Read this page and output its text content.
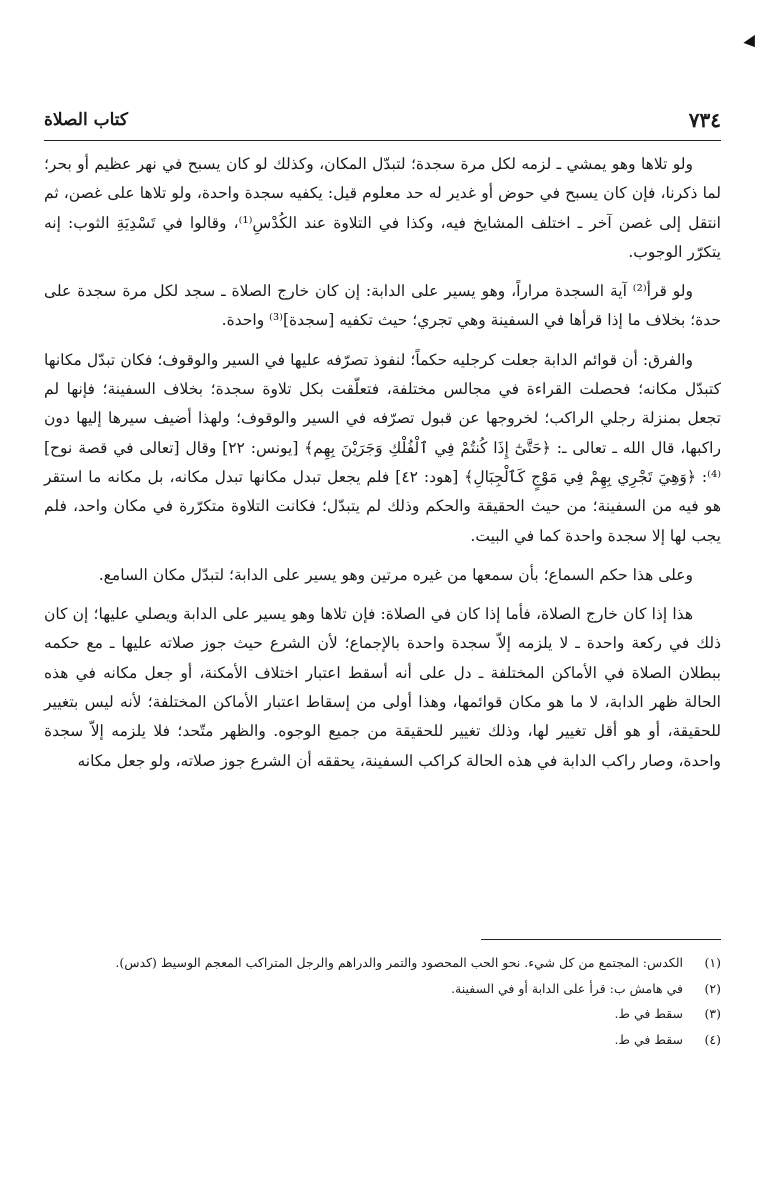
٧٣٤
كتاب الصلاة

ولو تلاها وهو يمشي ـ لزمه لكل مرة سجدة؛ لتبدّل المكان، وكذلك لو كان يسبح في نهر عظيم أو بحر؛ لما ذكرنا، فإن كان يسبح في حوض أو غدير له حد معلوم قيل: يكفيه سجدة واحدة، ولو تلاها على غصن، ثم انتقل إلى غصن آخر ـ اختلف المشايخ فيه، وكذا في التلاوة عند الكُدْسِ⁽¹⁾، وقالوا في تَسْدِيَةِ الثوب: إنه يتكرّر الوجوب.

ولو قرأ⁽²⁾ آية السجدة مراراً، وهو يسير على الدابة: إن كان خارج الصلاة ـ سجد لكل مرة سجدة على حدة؛ بخلاف ما إذا قرأها في السفينة وهي تجري؛ حيث تكفيه [سجدة]⁽³⁾ واحدة.

والفرق: أن قوائم الدابة جعلت كرجليه حكماً؛ لنفوذ تصرّفه عليها في السير والوقوف؛ فكان تبدّل مكانها كتبدّل مكانه؛ فحصلت القراءة في مجالس مختلفة، فتعلّقت بكل تلاوة سجدة؛ بخلاف السفينة؛ فإنها لم تجعل بمنزلة رجلي الراكب؛ لخروجها عن قبول تصرّفه في السير والوقوف؛ ولهذا أضيف سيرها إليها دون راكبها، قال الله ـ تعالى ـ: ﴿حَتَّىٰٓ إِذَا كُنتُمْ فِي ٱلْفُلْكِ وَجَرَيْنَ بِهِم﴾ [يونس: ٢٢] وقال [تعالى في قصة نوح]⁽⁴⁾: ﴿وَهِيَ تَجْرِي بِهِمْ فِي مَوْجٍ كَٱلْجِبَالِ﴾ [هود: ٤٢] فلم يجعل تبدل مكانها تبدل مكانه، بل مكانه ما استقر هو فيه من السفينة؛ من حيث الحقيقة والحكم وذلك لم يتبدّل؛ فكانت التلاوة متكرّرة في مكان واحد، فلم يجب لها إلا سجدة واحدة كما في البيت.

وعلى هذا حكم السماع؛ بأن سمعها من غيره مرتين وهو يسير على الدابة؛ لتبدّل مكان السامع.

هذا إذا كان خارج الصلاة، فأما إذا كان في الصلاة: فإن تلاها وهو يسير على الدابة ويصلي عليها؛ إن كان ذلك في ركعة واحدة ـ لا يلزمه إلاّ سجدة واحدة بالإجماع؛ لأن الشرع حيث جوز صلاته عليها ـ مع حكمه ببطلان الصلاة في الأماكن المختلفة ـ دل على أنه أسقط اعتبار اختلاف الأمكنة، أو جعل مكانه في هذه الحالة ظهر الدابة، لا ما هو مكان قوائمها، وهذا أولى من إسقاط اعتبار الأماكن المختلفة؛ لأنه ليس بتغيير للحقيقة، أو هو أقل تغيير لها، وذلك تغيير للحقيقة من جميع الوجوه. والظهر متّحد؛ فلا يلزمه إلاّ سجدة واحدة، وصار راكب الدابة في هذه الحالة كراكب السفينة، يحققه أن الشرع جوز صلاته، ولو جعل مكانه

(١)
الكدس: المجتمع من كل شيء. نحو الحب المحصود والتمر والدراهم والرجل المتراكب المعجم الوسيط (كدس).
(٢)
في هامش ب: قرأ على الدابة أو في السفينة.
(٣)
سقط في ط.
(٤)
سقط في ط.
